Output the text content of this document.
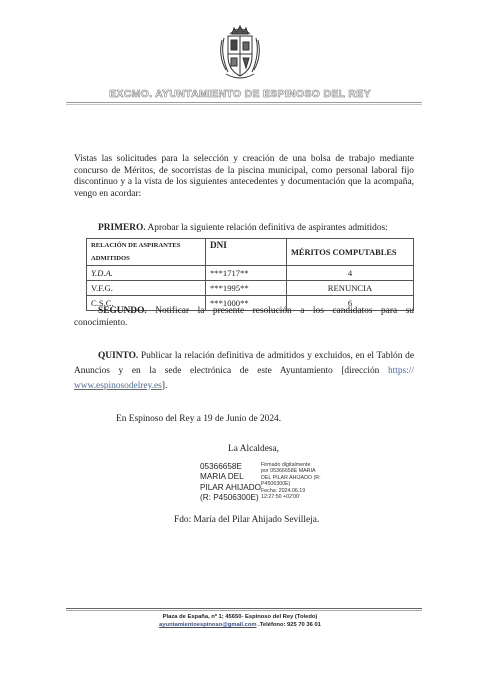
EXCMO. AYUNTAMIENTO DE ESPINOSO DEL REY
Vistas las solicitudes para la selección y creación de una bolsa de trabajo mediante concurso de Méritos, de socorristas de la piscina municipal, como personal laboral fijo discontinuo y a la vista de los siguientes antecedentes y documentación que la acompaña, vengo en acordar:
PRIMERO. Aprobar la siguiente relación definitiva de aspirantes admitidos:
RELACIÓN DE ASPIRANTES ADMITIDOS	DNI	MÉRITOS COMPUTABLES
Y.D.A.	***1717**	4
V.F.G.	***1995**	RENUNCIA
C.S.C.	***1000**	6
SEGUNDO. Notificar la presente resolución a los candidatos para su conocimiento.
QUINTO. Publicar la relación definitiva de admitidos y excluidos, en el Tablón de Anuncios y en la sede electrónica de este Ayuntamiento [dirección https:// www.espinosodelrey.es].
En Espinoso del Rey a 19 de Junio de 2024.
La Alcaldesa,
05366658E
MARIA DEL
PILAR AHIJADO
(R: P4506300E)
Firmado digitalmente
por 05366658E MARIA
DEL PILAR AHIJADO (R:
P4506300E)
Fecha: 2024.06.19
12:27:50 +02'00'
Fdo: María del Pilar Ahijado Sevilleja.
Plaza de España, nº 1; 45650- Espinoso del Rey (Toledo)
ayuntamientoespinoso@gmail.com .Teléfono: 925 70 36 01
